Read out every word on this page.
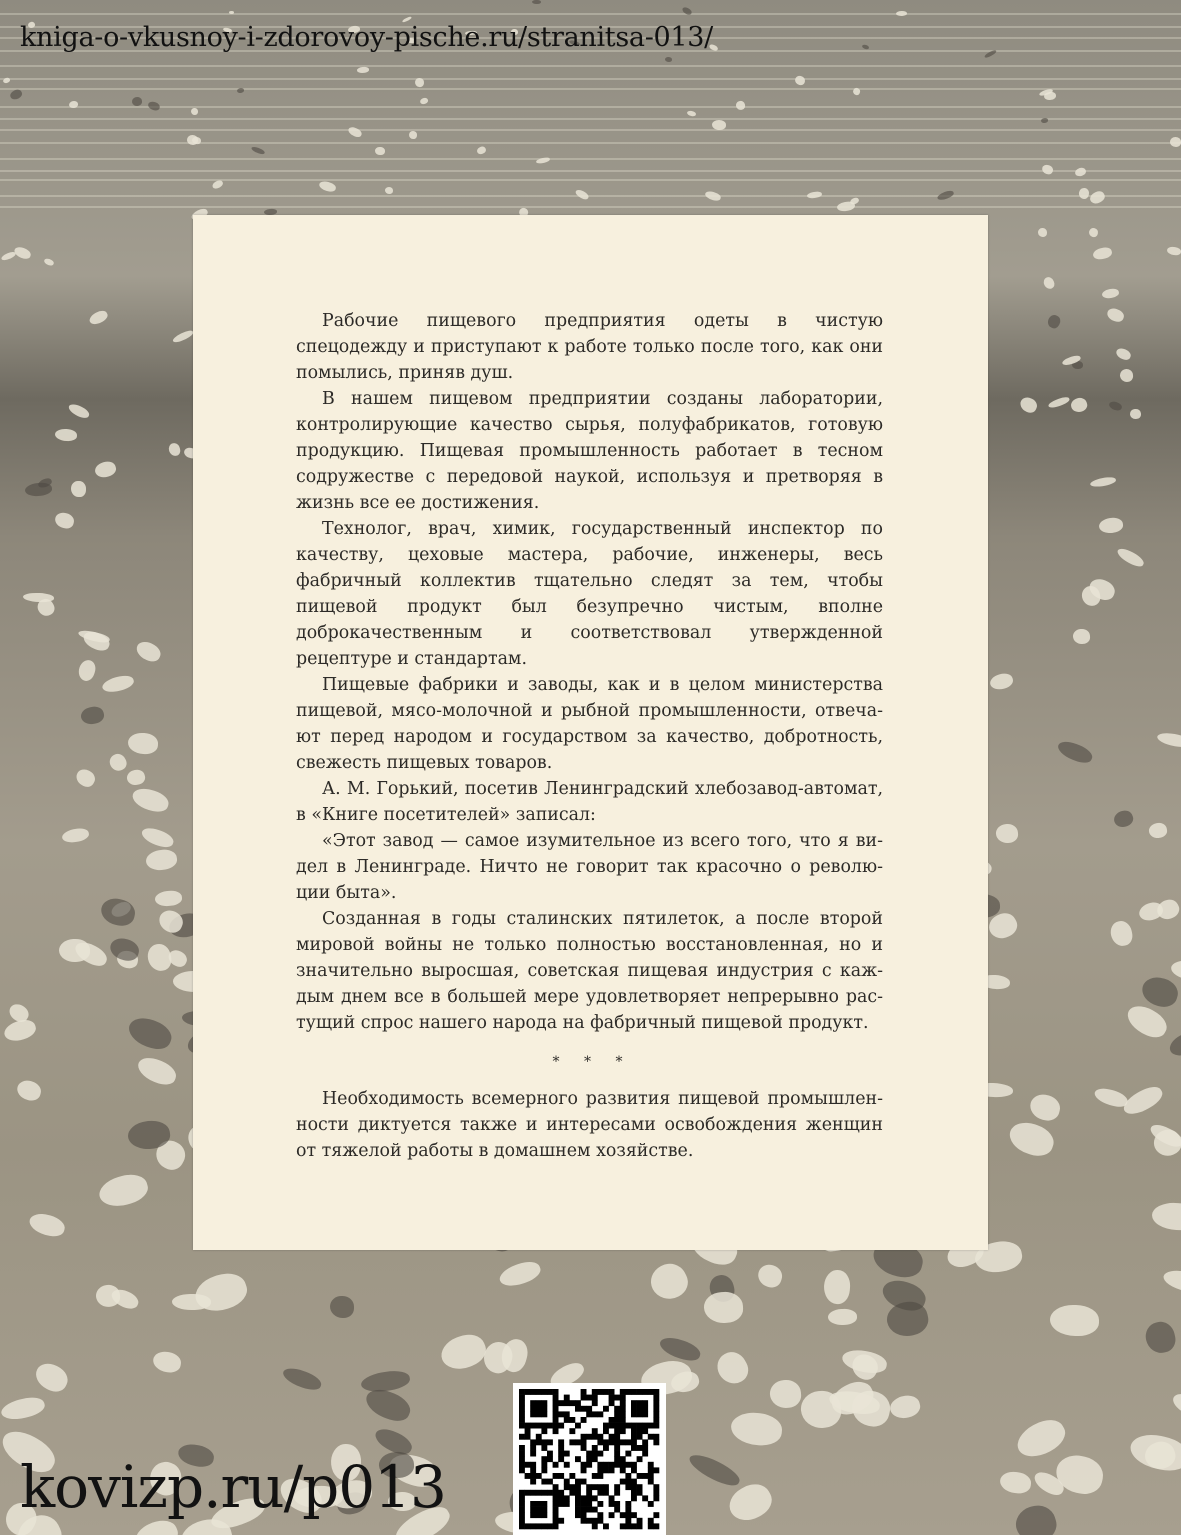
kniga-o-vkusnoy-i-zdorovoy-pische.ru/stranitsa-013/

Рабочие пищевого предприятия одеты в чистую спецодежду и приступают к работе только после того, как они помылись, приняв душ.

В нашем пищевом предприятии созданы лаборатории, контролирующие качество сырья, полуфабрикатов, готовую продукцию. Пищевая промышленность работает в тесном содружестве с передовой наукой, используя и претворяя в жизнь все ее достижения.

Технолог, врач, химик, государственный инспектор по качеству, цеховые мастера, рабочие, инженеры, весь фабричный коллектив тщательно следят за тем, чтобы пищевой продукт был безупречно чистым, вполне доброкачественным и соответствовал утвержденной рецептуре и стандартам.

Пищевые фабрики и заводы, как и в целом министерства пищевой, мясо-молочной и рыбной промышленности, отвечают перед народом и государством за качество, добротность, свежесть пищевых товаров.

А. М. Горький, посетив Ленинградский хлебозавод-автомат, в «Книге посетителей» записал:

«Этот завод — самое изумительное из всего того, что я видел в Ленинграде. Ничто не говорит так красочно о революции быта».

Созданная в годы сталинских пятилеток, а после второй мировой войны не только полностью восстановленная, но и значительно выросшая, советская пищевая индустрия с каждым днем все в большей мере удовлетворяет непрерывно растущий спрос нашего народа на фабричный пищевой продукт.

* * *

Необходимость всемерного развития пищевой промышленности диктуется также и интересами освобождения женщин от тяжелой работы в домашнем хозяйстве.

kovizp.ru/p013
